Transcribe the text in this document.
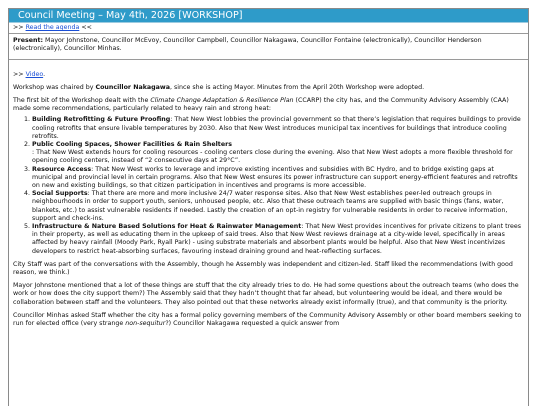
Council Meeting – May 4th, 2026 [WORKSHOP]
>> Read the agenda <<
Present: Mayor Johnstone, Councillor McEvoy, Councillor Campbell, Councillor Nakagawa, Councillor Fontaine (electronically), Councillor Henderson (electronically), Councillor Minhas.

>> Video.

Workshop was chaired by Councillor Nakagawa, since she is acting Mayor. Minutes from the April 20th Workshop were adopted.

The first bit of the Workshop dealt with the Climate Change Adaptation & Resilience Plan (CCARP) the city has, and the Community Advisory Assembly (CAA) made some recommendations, particularly related to heavy rain and strong heat:

1. Building Retrofitting & Future Proofing: That New West lobbies the provincial government so that there’s legislation that requires buildings to provide cooling retrofits that ensure livable temperatures by 2030. Also that New West introduces municipal tax incentives for buildings that introduce cooling retrofits.
2. Public Cooling Spaces, Shower Facilities & Rain Shelters
: That New West extends hours for cooling resources - cooling centers close during the evening. Also that New West adopts a more flexible threshold for opening cooling centers, instead of “2 consecutive days at 29°C”.
3. Resource Access: That New West works to leverage and improve existing incentives and subsidies with BC Hydro, and to bridge existing gaps at municipal and provincial level in certain programs. Also that New West ensures its power infrastructure can support energy-efficient features and retrofits on new and existing buildings, so that citizen participation in incentives and programs is more accessible.
4. Social Supports: That there are more and more inclusive 24/7 water response sites. Also that New West establishes peer-led outreach groups in neighbourhoods in order to support youth, seniors, unhoused people, etc. Also that these outreach teams are supplied with basic things (fans, water, blankets, etc.) to assist vulnerable residents if needed. Lastly the creation of an opt-in registry for vulnerable residents in order to receive information, support and check-ins.
5. Infrastructure & Nature Based Solutions for Heat & Rainwater Management: That New West provides incentives for private citizens to plant trees in their property, as well as educating them in the upkeep of said trees. Also that New West reviews drainage at a city-wide level, specifically in areas affected by heavy rainfall (Moody Park, Ryall Park) - using substrate materials and absorbent plants would be helpful. Also that New West incentivizes developers to restrict heat-absorbing surfaces, favouring instead draining ground and heat-reflecting surfaces.

City Staff was part of the conversations with the Assembly, though he Assembly was independent and citizen-led. Staff liked the recommendations (with good reason, we think.)

Mayor Johnstone mentioned that a lot of these things are stuff that the city already tries to do. He had some questions about the outreach teams (who does the work or how does the city support them?) The Assembly said that they hadn’t thought that far ahead, but volunteering would be ideal, and there would be collaboration between staff and the volunteers. They also pointed out that these networks already exist informally (true), and that community is the priority.

Councillor Minhas asked Staff whether the city has a formal policy governing members of the Community Advisory Assembly or other board members seeking to run for elected office (very strange non-sequitur?) Councillor Nakagawa requested a quick answer from
